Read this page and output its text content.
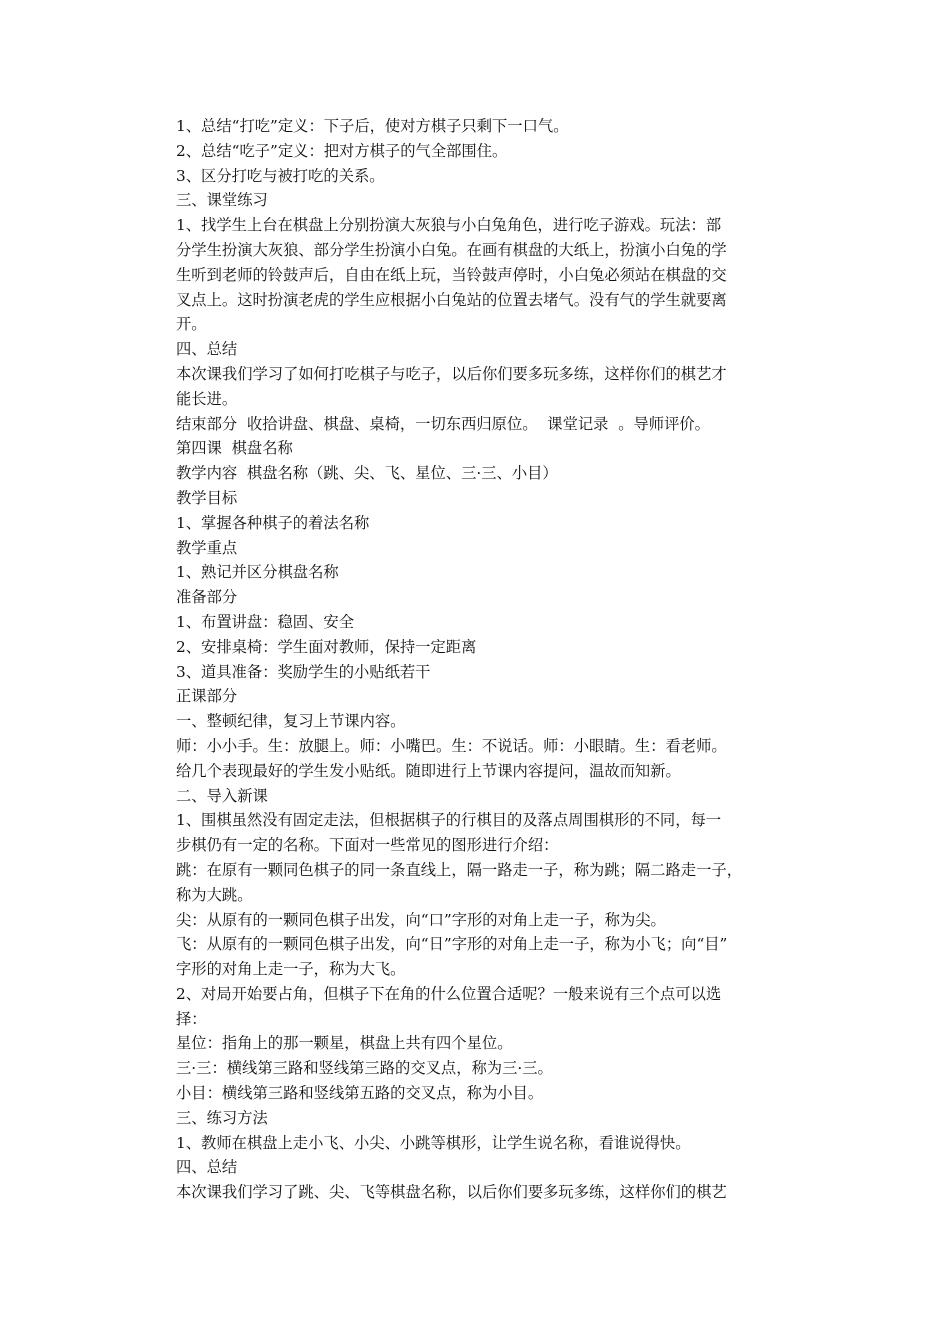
1、总结“打吃”定义：下子后，使对方棋子只剩下一口气。
2、总结“吃子”定义：把对方棋子的气全部围住。
3、区分打吃与被打吃的关系。
三、课堂练习
1、找学生上台在棋盘上分别扮演大灰狼与小白兔角色，进行吃子游戏。玩法：部
分学生扮演大灰狼、部分学生扮演小白兔。在画有棋盘的大纸上，扮演小白兔的学
生听到老师的铃鼓声后，自由在纸上玩，当铃鼓声停时，小白兔必须站在棋盘的交
叉点上。这时扮演老虎的学生应根据小白兔站的位置去堵气。没有气的学生就要离
开。
四、总结
本次课我们学习了如何打吃棋子与吃子，以后你们要多玩多练，这样你们的棋艺才
能长进。
结束部分  收拾讲盘、棋盘、桌椅，一切东西归原位。  课堂记录  。导师评价。
第四课  棋盘名称
教学内容  棋盘名称（跳、尖、飞、星位、三·三、小目）
教学目标
1、掌握各种棋子的着法名称
教学重点
1、熟记并区分棋盘名称
准备部分
1、布置讲盘：稳固、安全
2、安排桌椅：学生面对教师，保持一定距离
3、道具准备：奖励学生的小贴纸若干
正课部分
一、整顿纪律，复习上节课内容。
师：小小手。生：放腿上。师：小嘴巴。生：不说话。师：小眼睛。生：看老师。
给几个表现最好的学生发小贴纸。随即进行上节课内容提问，温故而知新。
二、导入新课
1、围棋虽然没有固定走法，但根据棋子的行棋目的及落点周围棋形的不同，每一
步棋仍有一定的名称。下面对一些常见的图形进行介绍：
跳：在原有一颗同色棋子的同一条直线上，隔一路走一子，称为跳；隔二路走一子，
称为大跳。
尖：从原有的一颗同色棋子出发，向“口”字形的对角上走一子，称为尖。
飞：从原有的一颗同色棋子出发，向“日”字形的对角上走一子，称为小飞；向“目”
字形的对角上走一子，称为大飞。
2、对局开始要占角，但棋子下在角的什么位置合适呢？一般来说有三个点可以选
择：
星位：指角上的那一颗星，棋盘上共有四个星位。
三·三：横线第三路和竖线第三路的交叉点，称为三·三。
小目：横线第三路和竖线第五路的交叉点，称为小目。
三、练习方法
1、教师在棋盘上走小飞、小尖、小跳等棋形，让学生说名称，看谁说得快。
四、总结
本次课我们学习了跳、尖、飞等棋盘名称，以后你们要多玩多练，这样你们的棋艺
